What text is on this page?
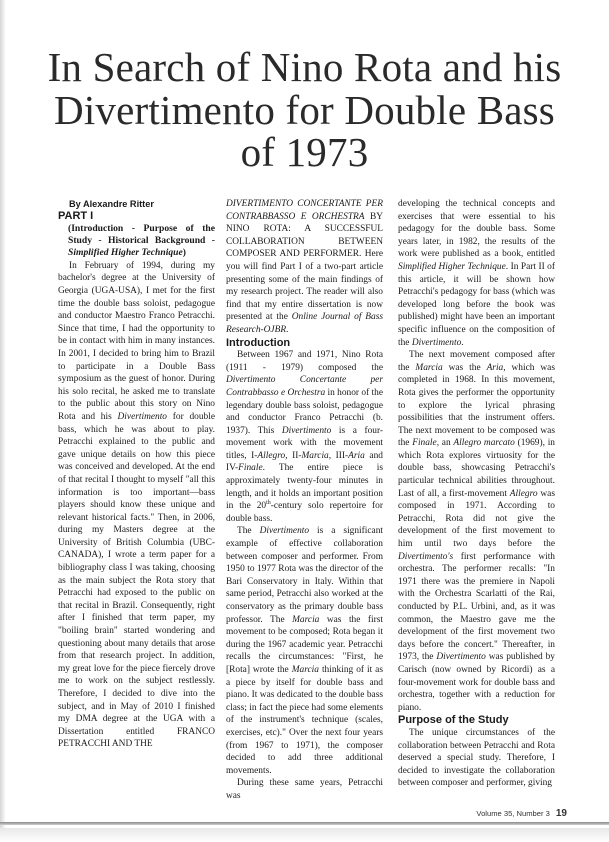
In Search of Nino Rota and his Divertimento for Double Bass of 1973

By Alexandre Ritter

PART I

(Introduction - Purpose of the Study - Historical Background - Simplified Higher Technique)

In February of 1994, during my bachelor's degree at the University of Georgia (UGA-USA), I met for the first time the double bass soloist, pedagogue and conductor Maestro Franco Petracchi. Since that time, I had the opportunity to be in contact with him in many instances. In 2001, I decided to bring him to Brazil to participate in a Double Bass symposium as the guest of honor. During his solo recital, he asked me to translate to the public about this story on Nino Rota and his Divertimento for double bass, which he was about to play. Petracchi explained to the public and gave unique details on how this piece was conceived and developed. At the end of that recital I thought to myself "all this information is too important—bass players should know these unique and relevant historical facts." Then, in 2006, during my Masters degree at the University of British Columbia (UBC-CANADA), I wrote a term paper for a bibliography class I was taking, choosing as the main subject the Rota story that Petracchi had exposed to the public on that recital in Brazil. Consequently, right after I finished that term paper, my "boiling brain" started wondering and questioning about many details that arose from that research project. In addition, my great love for the piece fiercely drove me to work on the subject restlessly. Therefore, I decided to dive into the subject, and in May of 2010 I finished my DMA degree at the UGA with a Dissertation entitled FRANCO PETRACCHI AND THE

DIVERTIMENTO CONCERTANTE PER CONTRABBASSO E ORCHESTRA BY NINO ROTA: A SUCCESSFUL COLLABORATION BETWEEN COMPOSER AND PERFORMER. Here you will find Part I of a two-part article presenting some of the main findings of my research project. The reader will also find that my entire dissertation is now presented at the Online Journal of Bass Research-OJBR.

Introduction

Between 1967 and 1971, Nino Rota (1911 - 1979) composed the Divertimento Concertante per Contrabbasso e Orchestra in honor of the legendary double bass soloist, pedagogue and conductor Franco Petracchi (b. 1937). This Divertimento is a four-movement work with the movement titles, I-Allegro, II-Marcia, III-Aria and IV-Finale. The entire piece is approximately twenty-four minutes in length, and it holds an important position in the 20th-century solo repertoire for double bass.

The Divertimento is a significant example of effective collaboration between composer and performer. From 1950 to 1977 Rota was the director of the Bari Conservatory in Italy. Within that same period, Petracchi also worked at the conservatory as the primary double bass professor. The Marcia was the first movement to be composed; Rota began it during the 1967 academic year. Petracchi recalls the circumstances: "First, he [Rota] wrote the Marcia thinking of it as a piece by itself for double bass and piano. It was dedicated to the double bass class; in fact the piece had some elements of the instrument's technique (scales, exercises, etc)." Over the next four years (from 1967 to 1971), the composer decided to add three additional movements.

During these same years, Petracchi was

developing the technical concepts and exercises that were essential to his pedagogy for the double bass. Some years later, in 1982, the results of the work were published as a book, entitled Simplified Higher Technique. In Part II of this article, it will be shown how Petracchi's pedagogy for bass (which was developed long before the book was published) might have been an important specific influence on the composition of the Divertimento.

The next movement composed after the Marcia was the Aria, which was completed in 1968. In this movement, Rota gives the performer the opportunity to explore the lyrical phrasing possibilities that the instrument offers. The next movement to be composed was the Finale, an Allegro marcato (1969), in which Rota explores virtuosity for the double bass, showcasing Petracchi's particular technical abilities throughout. Last of all, a first-movement Allegro was composed in 1971. According to Petracchi, Rota did not give the development of the first movement to him until two days before the Divertimento's first performance with orchestra. The performer recalls: "In 1971 there was the premiere in Napoli with the Orchestra Scarlatti of the Rai, conducted by P.L. Urbini, and, as it was common, the Maestro gave me the development of the first movement two days before the concert." Thereafter, in 1973, the Divertimento was published by Carisch (now owned by Ricordi) as a four-movement work for double bass and orchestra, together with a reduction for piano.

Purpose of the Study

The unique circumstances of the collaboration between Petracchi and Rota deserved a special study. Therefore, I decided to investigate the collaboration between composer and performer, giving

Volume 35, Number 3 19
